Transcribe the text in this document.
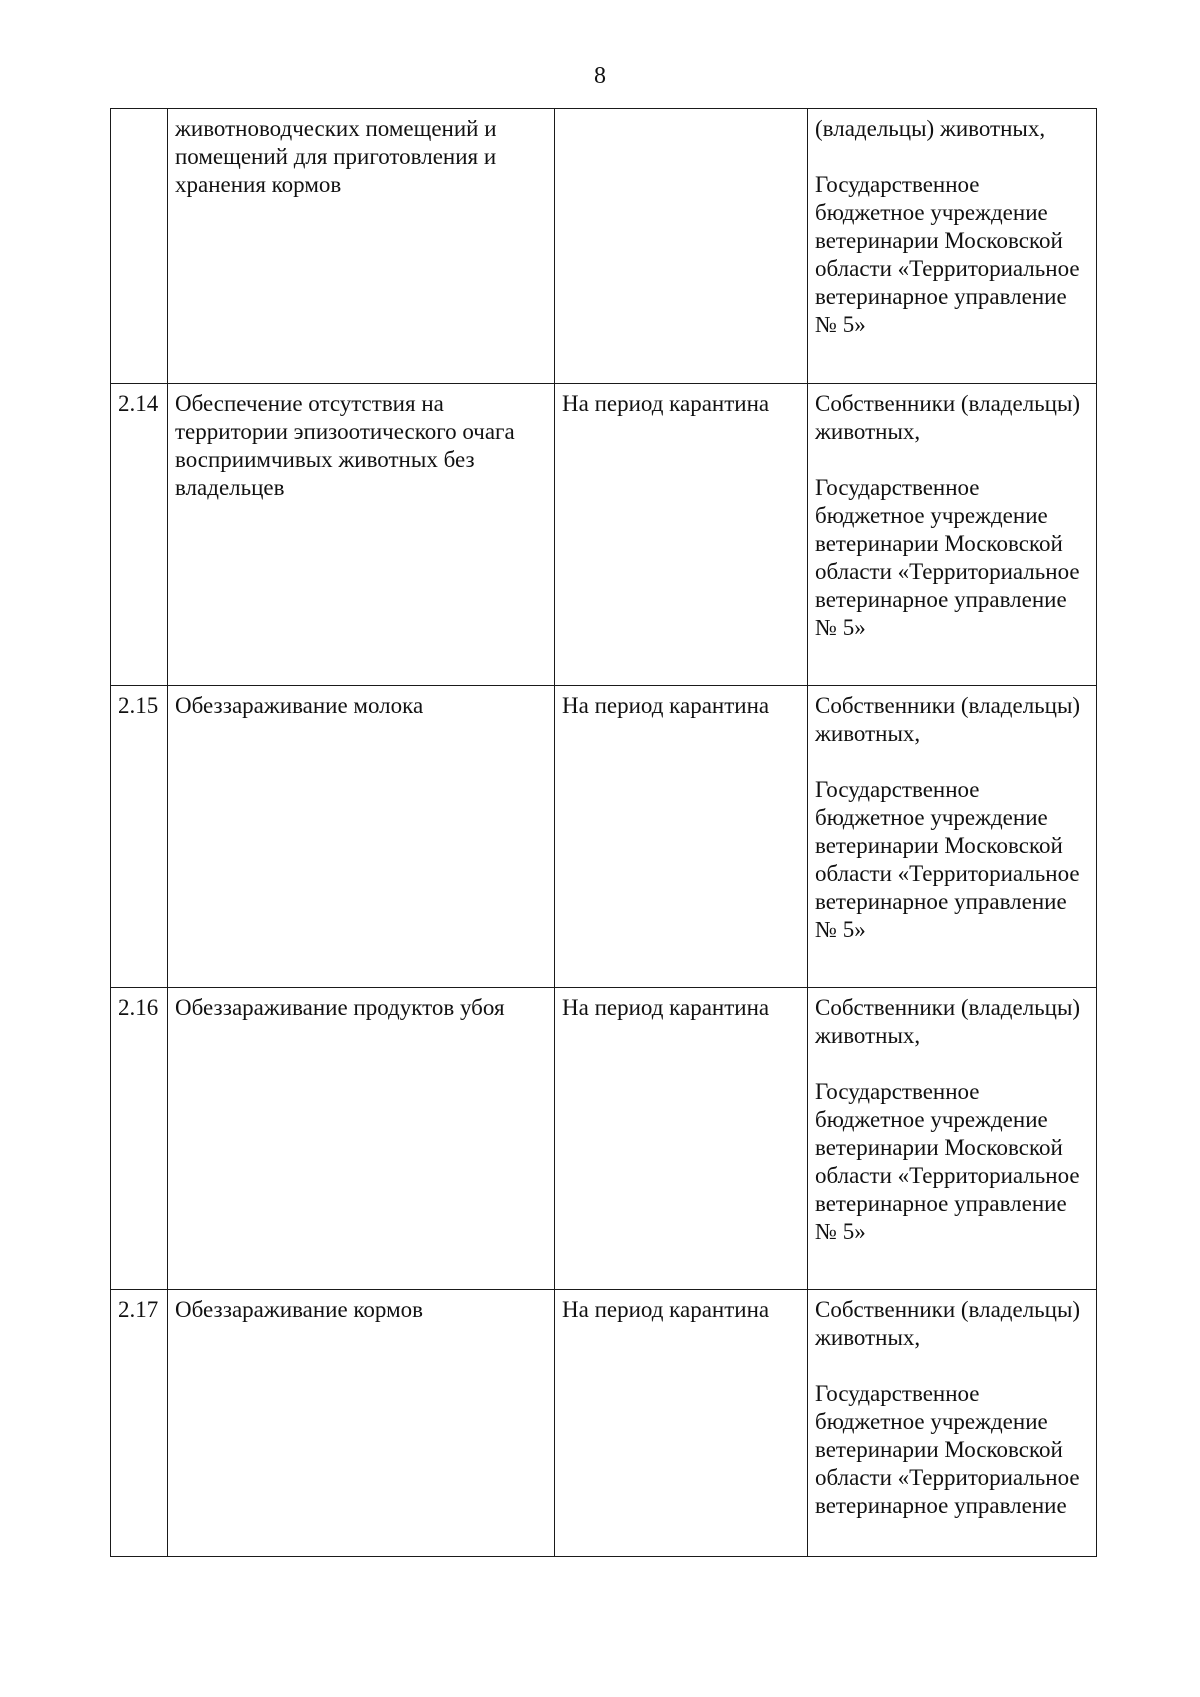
8
	животноводческих помещений и помещений для приготовления и хранения кормов		(владельцы) животных,

Государственное бюджетное учреждение ветеринарии Московской области «Территориальное ветеринарное управление № 5»

2.14	Обеспечение отсутствия на территории эпизоотического очага восприимчивых животных без владельцев	На период карантина	Собственники (владельцы) животных,

Государственное бюджетное учреждение ветеринарии Московской области «Территориальное ветеринарное управление № 5»

2.15	Обеззараживание молока	На период карантина	Собственники (владельцы) животных,

Государственное бюджетное учреждение ветеринарии Московской области «Территориальное ветеринарное управление № 5»

2.16	Обеззараживание продуктов убоя	На период карантина	Собственники (владельцы) животных,

Государственное бюджетное учреждение ветеринарии Московской области «Территориальное ветеринарное управление № 5»

2.17	Обеззараживание кормов	На период карантина	Собственники (владельцы) животных,

Государственное бюджетное учреждение ветеринарии Московской области «Территориальное ветеринарное управление
